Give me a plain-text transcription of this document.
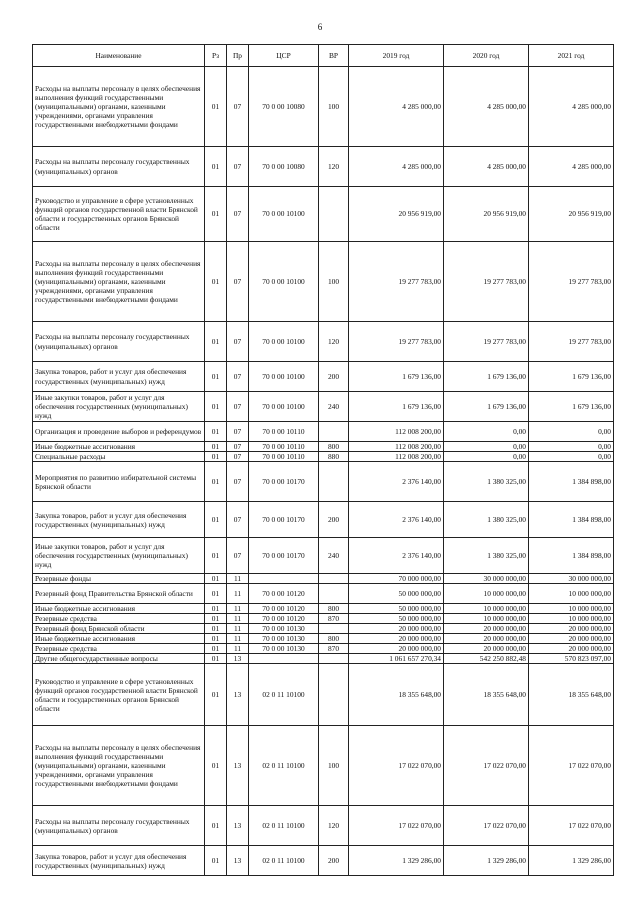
6
Наименование	Рз	Пр	ЦСР	ВР	2019 год	2020 год	2021 год
Расходы на выплаты персоналу в целях обеспечения выполнения функций государственными (муниципальными) органами, казенными учреждениями, органами управления государственными внебюджетными фондами	01	07	70 0 00 10080	100	4 285 000,00	4 285 000,00	4 285 000,00
Расходы на выплаты персоналу государственных (муниципальных) органов	01	07	70 0 00 10080	120	4 285 000,00	4 285 000,00	4 285 000,00
Руководство и управление в сфере установленных функций органов государственной власти Брянской области и государственных органов Брянской области	01	07	70 0 00 10100		20 956 919,00	20 956 919,00	20 956 919,00
Расходы на выплаты персоналу в целях обеспечения выполнения функций государственными (муниципальными) органами, казенными учреждениями, органами управления государственными внебюджетными фондами	01	07	70 0 00 10100	100	19 277 783,00	19 277 783,00	19 277 783,00
Расходы на выплаты персоналу государственных (муниципальных) органов	01	07	70 0 00 10100	120	19 277 783,00	19 277 783,00	19 277 783,00
Закупка товаров, работ и услуг для обеспечения государственных (муниципальных) нужд	01	07	70 0 00 10100	200	1 679 136,00	1 679 136,00	1 679 136,00
Иные закупки товаров, работ и услуг для обеспечения государственных (муниципальных) нужд	01	07	70 0 00 10100	240	1 679 136,00	1 679 136,00	1 679 136,00
Организация и проведение выборов и референдумов	01	07	70 0 00 10110		112 008 200,00	0,00	0,00
Иные бюджетные ассигнования	01	07	70 0 00 10110	800	112 008 200,00	0,00	0,00
Специальные расходы	01	07	70 0 00 10110	880	112 008 200,00	0,00	0,00
Мероприятия по развитию избирательной системы Брянской области	01	07	70 0 00 10170		2 376 140,00	1 380 325,00	1 384 898,00
Закупка товаров, работ и услуг для обеспечения государственных (муниципальных) нужд	01	07	70 0 00 10170	200	2 376 140,00	1 380 325,00	1 384 898,00
Иные закупки товаров, работ и услуг для обеспечения государственных (муниципальных) нужд	01	07	70 0 00 10170	240	2 376 140,00	1 380 325,00	1 384 898,00
Резервные фонды	01	11			70 000 000,00	30 000 000,00	30 000 000,00
Резервный фонд Правительства Брянской области	01	11	70 0 00 10120		50 000 000,00	10 000 000,00	10 000 000,00
Иные бюджетные ассигнования	01	11	70 0 00 10120	800	50 000 000,00	10 000 000,00	10 000 000,00
Резервные средства	01	11	70 0 00 10120	870	50 000 000,00	10 000 000,00	10 000 000,00
Резервный фонд Брянской области	01	11	70 0 00 10130		20 000 000,00	20 000 000,00	20 000 000,00
Иные бюджетные ассигнования	01	11	70 0 00 10130	800	20 000 000,00	20 000 000,00	20 000 000,00
Резервные средства	01	11	70 0 00 10130	870	20 000 000,00	20 000 000,00	20 000 000,00
Другие общегосударственные вопросы	01	13			1 061 657 270,34	542 250 882,48	570 823 097,00
Руководство и управление в сфере установленных функций органов государственной власти Брянской области и государственных органов Брянской области	01	13	02 0 11 10100		18 355 648,00	18 355 648,00	18 355 648,00
Расходы на выплаты персоналу в целях обеспечения выполнения функций государственными (муниципальными) органами, казенными учреждениями, органами управления государственными внебюджетными фондами	01	13	02 0 11 10100	100	17 022 070,00	17 022 070,00	17 022 070,00
Расходы на выплаты персоналу государственных (муниципальных) органов	01	13	02 0 11 10100	120	17 022 070,00	17 022 070,00	17 022 070,00
Закупка товаров, работ и услуг для обеспечения государственных (муниципальных) нужд	01	13	02 0 11 10100	200	1 329 286,00	1 329 286,00	1 329 286,00
